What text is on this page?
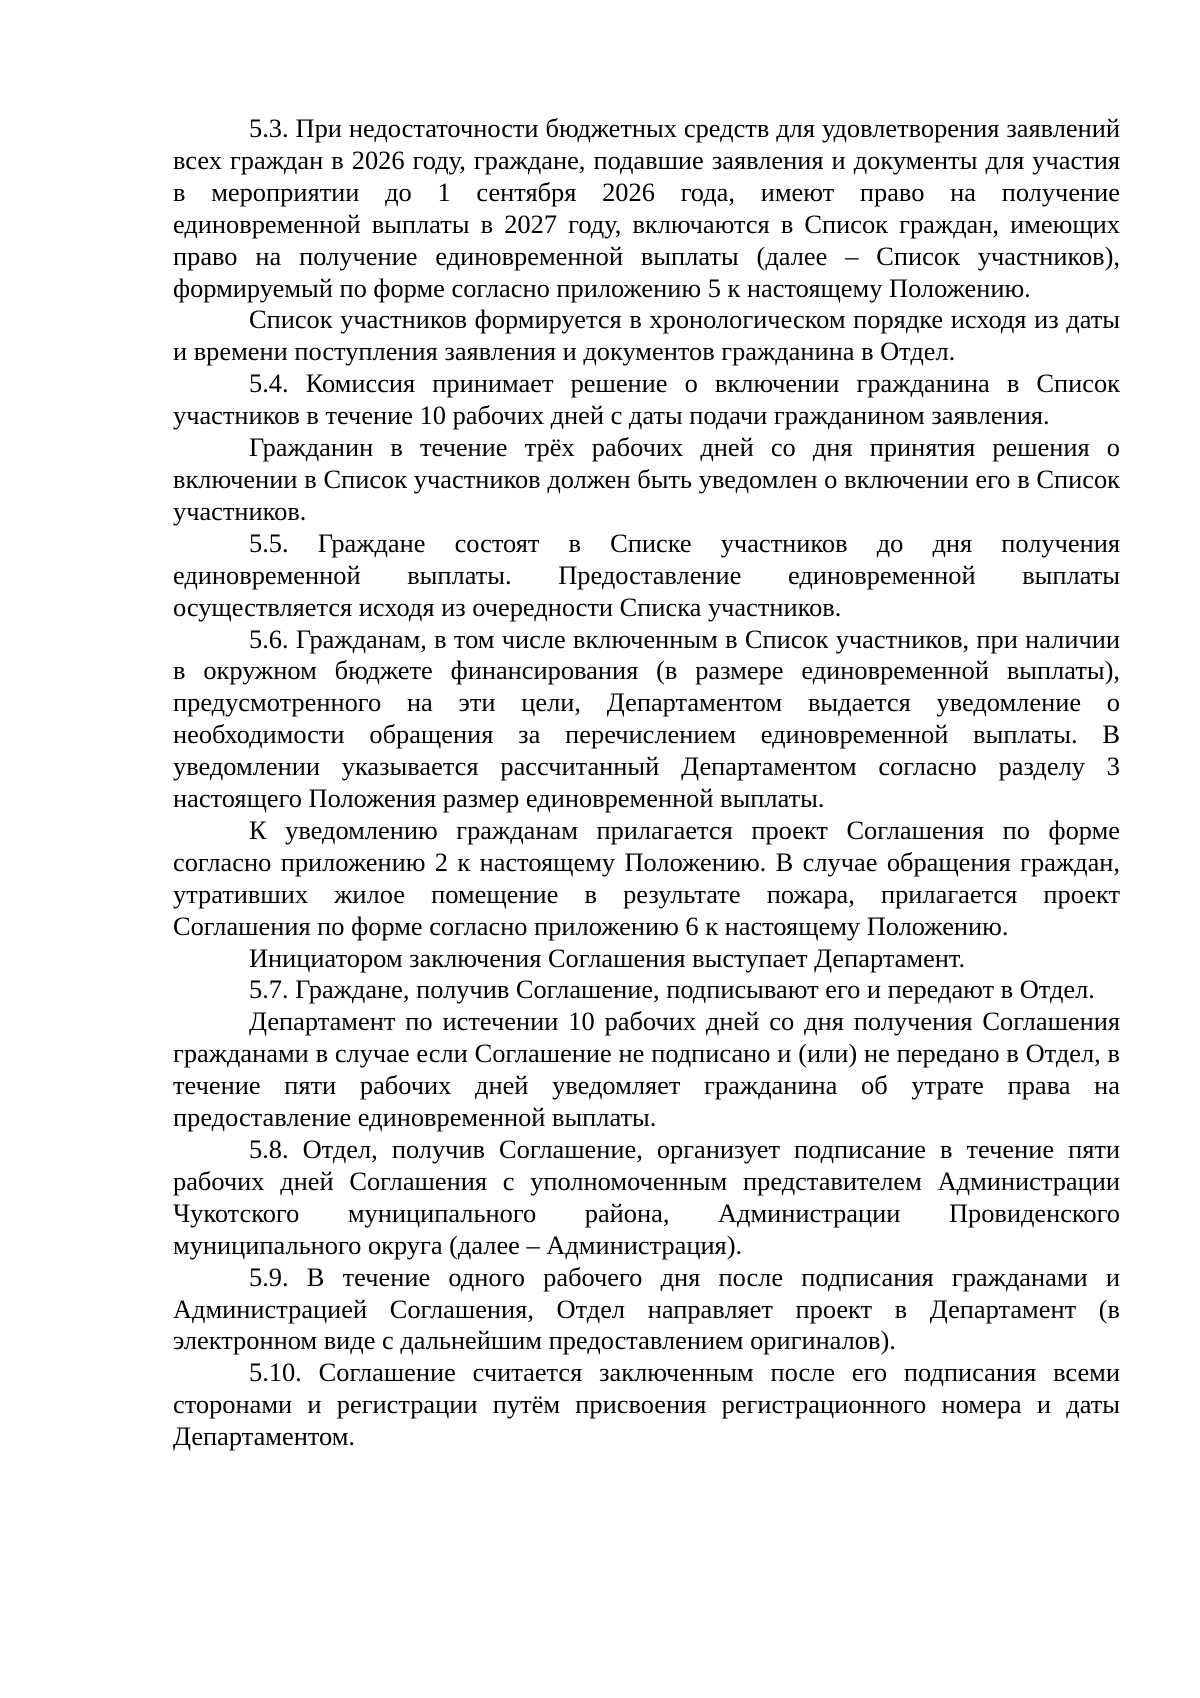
5.3. При недостаточности бюджетных средств для удовлетворения заявлений всех граждан в 2026 году, граждане, подавшие заявления и документы для участия в мероприятии до 1 сентября 2026 года, имеют право на получение единовременной выплаты в 2027 году, включаются в Список граждан, имеющих право на получение единовременной выплаты (далее – Список участников), формируемый по форме согласно приложению 5 к настоящему Положению.

Список участников формируется в хронологическом порядке исходя из даты и времени поступления заявления и документов гражданина в Отдел.

5.4. Комиссия принимает решение о включении гражданина в Список участников в течение 10 рабочих дней с даты подачи гражданином заявления.

Гражданин в течение трёх рабочих дней со дня принятия решения о включении в Список участников должен быть уведомлен о включении его в Список участников.

5.5. Граждане состоят в Списке участников до дня получения единовременной выплаты. Предоставление единовременной выплаты осуществляется исходя из очередности Списка участников.

5.6. Гражданам, в том числе включенным в Список участников, при наличии в окружном бюджете финансирования (в размере единовременной выплаты), предусмотренного на эти цели, Департаментом выдается уведомление о необходимости обращения за перечислением единовременной выплаты. В уведомлении указывается рассчитанный Департаментом согласно разделу 3 настоящего Положения размер единовременной выплаты.

К уведомлению гражданам прилагается проект Соглашения по форме согласно приложению 2 к настоящему Положению. В случае обращения граждан, утративших жилое помещение в результате пожара, прилагается проект Соглашения по форме согласно приложению 6 к настоящему Положению.

Инициатором заключения Соглашения выступает Департамент.

5.7. Граждане, получив Соглашение, подписывают его и передают в Отдел.

Департамент по истечении 10 рабочих дней со дня получения Соглашения гражданами в случае если Соглашение не подписано и (или) не передано в Отдел, в течение пяти рабочих дней уведомляет гражданина об утрате права на предоставление единовременной выплаты.

5.8. Отдел, получив Соглашение, организует подписание в течение пяти рабочих дней Соглашения с уполномоченным представителем Администрации Чукотского муниципального района, Администрации Провиденского муниципального округа (далее – Администрация).

5.9. В течение одного рабочего дня после подписания гражданами и Администрацией Соглашения, Отдел направляет проект в Департамент (в электронном виде с дальнейшим предоставлением оригиналов).

5.10. Соглашение считается заключенным после его подписания всеми сторонами и регистрации путём присвоения регистрационного номера и даты Департаментом.
